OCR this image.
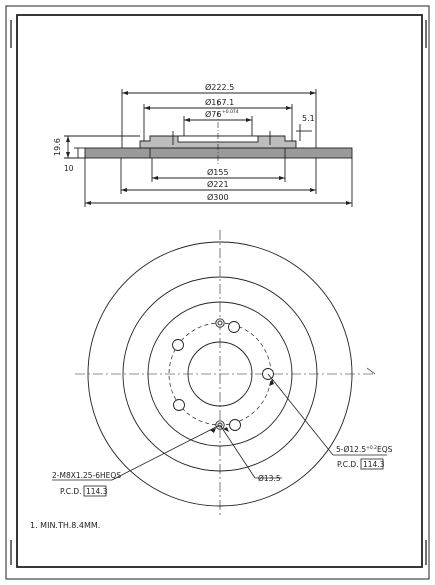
Ø222.5
Ø167.1
Ø76 +0.074
5.1
19.6
10	Ø155
Ø221
Ø300
$5-Ø12.5^{+0.2}EQS$
P.C.D. 114.3
2-M8X1.25-6HEQS
P.C.D. 114.3
Ø13.5
1. MIN.TH.8.4MM.
